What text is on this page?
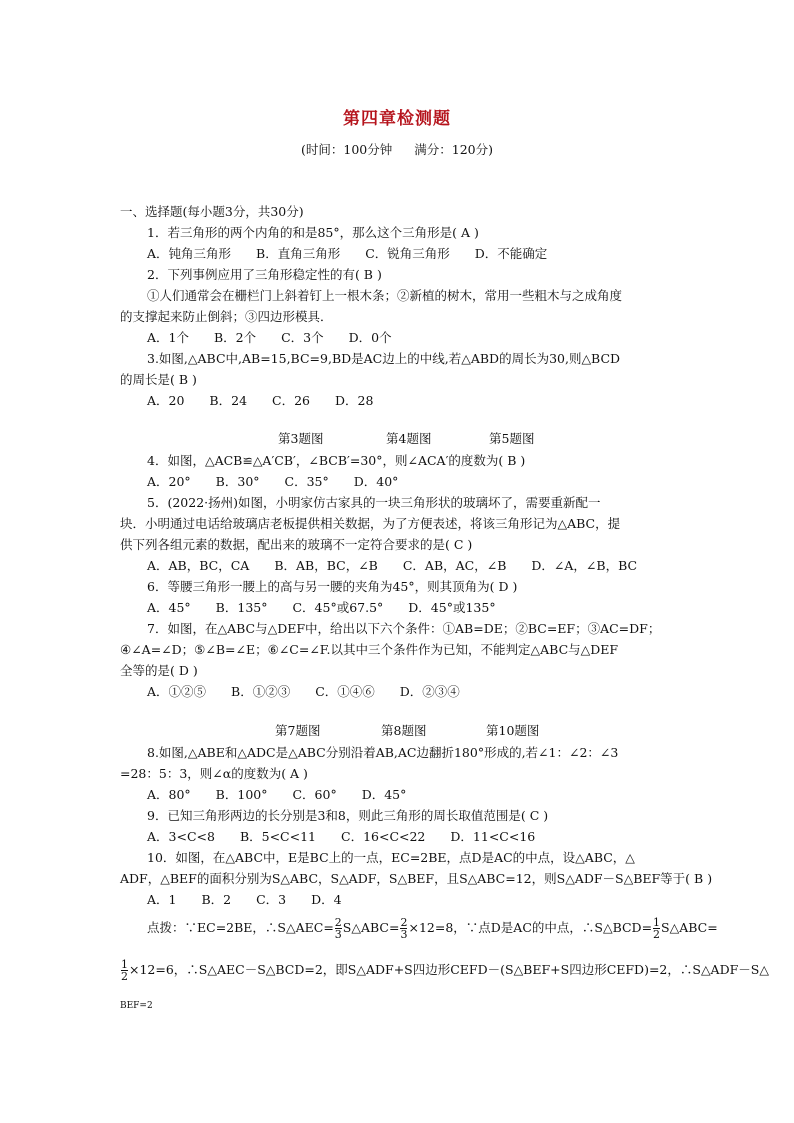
第四章检测题
(时间：100分钟 满分：120分)
一、选择题(每小题3分，共30分)
1．若三角形的两个内角的和是85°，那么这个三角形是( A )
A．钝角三角形　　B．直角三角形　　C．锐角三角形　　D．不能确定
2．下列事例应用了三角形稳定性的有( B )
①人们通常会在栅栏门上斜着钉上一根木条；②新植的树木，常用一些粗木与之成角度
的支撑起来防止倒斜；③四边形模具．
A．1个　　B．2个　　C．3个　　D．0个
3.如图,△ABC中,AB=15,BC=9,BD是AC边上的中线,若△ABD的周长为30,则△BCD
的周长是( B )
A．20　　B．24　　C．26　　D．28
第3题图	第4题图	第5题图
4．如图，△ACB≌△A′CB′，∠BCB′=30°，则∠ACA′的度数为( B )
A．20°　　B．30°　　C．35°　　D．40°
5．(2022·扬州)如图，小明家仿古家具的一块三角形状的玻璃坏了，需要重新配一
块．小明通过电话给玻璃店老板提供相关数据，为了方便表述，将该三角形记为△ABC，提
供下列各组元素的数据，配出来的玻璃不一定符合要求的是( C )
A．AB，BC，CA　　B．AB，BC，∠B　　C．AB，AC，∠B　　D．∠A，∠B，BC
6．等腰三角形一腰上的高与另一腰的夹角为45°，则其顶角为( D )
A．45°　　B．135°　　C．45°或67.5°　　D．45°或135°
7．如图，在△ABC与△DEF中，给出以下六个条件：①AB=DE；②BC=EF；③AC=DF；
④∠A=∠D；⑤∠B=∠E；⑥∠C=∠F.以其中三个条件作为已知，不能判定△ABC与△DEF
全等的是( D )
A．①②⑤　　B．①②③　　C．①④⑥　　D．②③④
第7题图	第8题图	第10题图
8.如图,△ABE和△ADC是△ABC分别沿着AB,AC边翻折180°形成的,若∠1：∠2：∠3
=28：5：3，则∠α的度数为( A )
A．80°　　B．100°　　C．60°　　D．45°
9．已知三角形两边的长分别是3和8，则此三角形的周长取值范围是( C )
A．3<C<8　　B．5<C<11　　C．16<C<22　　D．11<C<16
10．如图，在△ABC中，E是BC上的一点，EC=2BE，点D是AC的中点，设△ABC，△
ADF，△BEF的面积分别为S△ABC，S△ADF，S△BEF，且S△ABC=12，则S△ADF－S△BEF等于( B )
A．1　　B．2　　C．3　　D．4
点拨：∵EC=2BE，∴S△AEC= $\frac{2}{3}$ S△ABC= $\frac{2}{3} \times 12=8$，∵点D是AC的中点，∴S△BCD= $\frac{1}{2}$ S△ABC=
$\frac{1}{2} \times 12=6$，∴S△AEC－S△BCD=2，即S△ADF+S四边形CEFD－(S△BEF+S四边形CEFD)=2，∴S△ADF－S△
BEF=2
